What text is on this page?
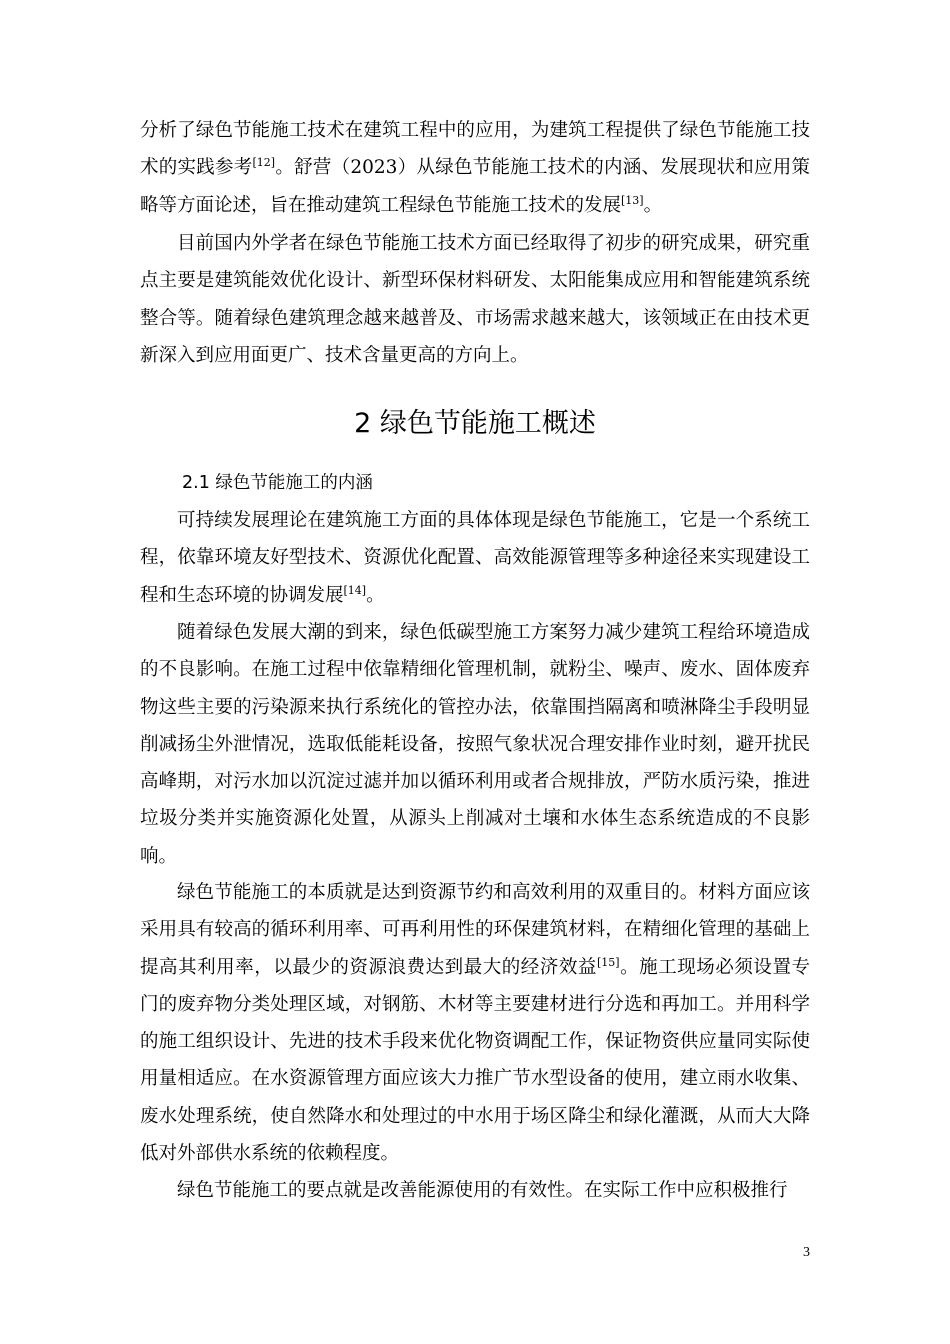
分析了绿色节能施工技术在建筑工程中的应用，为建筑工程提供了绿色节能施工技术的实践参考[12]。舒营（2023）从绿色节能施工技术的内涵、发展现状和应用策略等方面论述，旨在推动建筑工程绿色节能施工技术的发展[13]。

目前国内外学者在绿色节能施工技术方面已经取得了初步的研究成果，研究重点主要是建筑能效优化设计、新型环保材料研发、太阳能集成应用和智能建筑系统整合等。随着绿色建筑理念越来越普及、市场需求越来越大，该领域正在由技术更新深入到应用面更广、技术含量更高的方向上。

2 绿色节能施工概述
2.1 绿色节能施工的内涵

可持续发展理论在建筑施工方面的具体体现是绿色节能施工，它是一个系统工程，依靠环境友好型技术、资源优化配置、高效能源管理等多种途径来实现建设工程和生态环境的协调发展[14]。

随着绿色发展大潮的到来，绿色低碳型施工方案努力减少建筑工程给环境造成的不良影响。在施工过程中依靠精细化管理机制，就粉尘、噪声、废水、固体废弃物这些主要的污染源来执行系统化的管控办法，依靠围挡隔离和喷淋降尘手段明显削减扬尘外泄情况，选取低能耗设备，按照气象状况合理安排作业时刻，避开扰民高峰期，对污水加以沉淀过滤并加以循环利用或者合规排放，严防水质污染，推进垃圾分类并实施资源化处置，从源头上削减对土壤和水体生态系统造成的不良影响。

绿色节能施工的本质就是达到资源节约和高效利用的双重目的。材料方面应该采用具有较高的循环利用率、可再利用性的环保建筑材料，在精细化管理的基础上提高其利用率，以最少的资源浪费达到最大的经济效益[15]。施工现场必须设置专门的废弃物分类处理区域，对钢筋、木材等主要建材进行分选和再加工。并用科学的施工组织设计、先进的技术手段来优化物资调配工作，保证物资供应量同实际使用量相适应。在水资源管理方面应该大力推广节水型设备的使用，建立雨水收集、废水处理系统，使自然降水和处理过的中水用于场区降尘和绿化灌溉，从而大大降低对外部供水系统的依赖程度。

绿色节能施工的要点就是改善能源使用的有效性。在实际工作中应积极推行

3
